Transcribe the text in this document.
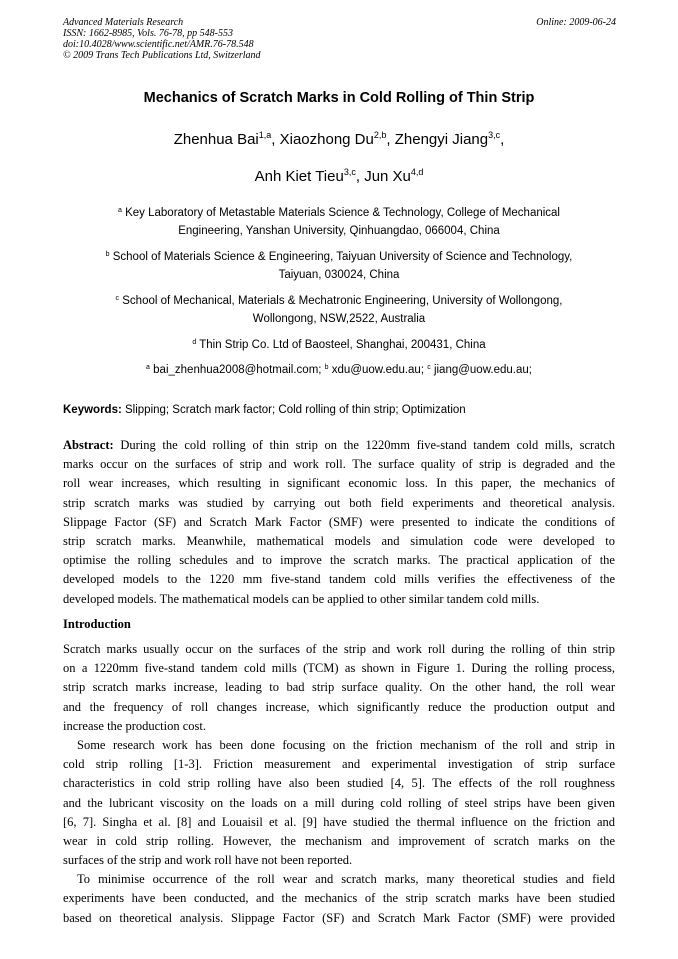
Advanced Materials Research
ISSN: 1662-8985, Vols. 76-78, pp 548-553
doi:10.4028/www.scientific.net/AMR.76-78.548
© 2009 Trans Tech Publications Ltd, Switzerland
Online: 2009-06-24
Mechanics of Scratch Marks in Cold Rolling of Thin Strip
Zhenhua Bai$^{1,a}$, Xiaozhong Du$^{2,b}$, Zhengyi Jiang$^{3,c}$,
Anh Kiet Tieu$^{3,c}$, Jun Xu$^{4,d}$
$^a$ Key Laboratory of Metastable Materials Science & Technology, College of Mechanical
Engineering, Yanshan University, Qinhuangdao, 066004, China
$^b$ School of Materials Science & Engineering, Taiyuan University of Science and Technology,
Taiyuan, 030024, China
$^c$ School of Mechanical, Materials & Mechatronic Engineering, University of Wollongong,
Wollongong, NSW,2522, Australia
$^d$ Thin Strip Co. Ltd of Baosteel, Shanghai, 200431, China
$^a$ bai_zhenhua2008@hotmail.com; $^b$ xdu@uow.edu.au; $^c$ jiang@uow.edu.au;
Keywords: Slipping; Scratch mark factor; Cold rolling of thin strip; Optimization
Abstract: During the cold rolling of thin strip on the 1220mm five-stand tandem cold mills, scratch
marks occur on the surfaces of strip and work roll. The surface quality of strip is degraded and the
roll wear increases, which resulting in significant economic loss. In this paper, the mechanics of
strip scratch marks was studied by carrying out both field experiments and theoretical analysis.
Slippage Factor (SF) and Scratch Mark Factor (SMF) were presented to indicate the conditions of
strip scratch marks. Meanwhile, mathematical models and simulation code were developed to
optimise the rolling schedules and to improve the scratch marks. The practical application of the
developed models to the 1220 mm five-stand tandem cold mills verifies the effectiveness of the
developed models. The mathematical models can be applied to other similar tandem cold mills.
Introduction
Scratch marks usually occur on the surfaces of the strip and work roll during the rolling of thin strip
on a 1220mm five-stand tandem cold mills (TCM) as shown in Figure 1. During the rolling process,
strip scratch marks increase, leading to bad strip surface quality. On the other hand, the roll wear
and the frequency of roll changes increase, which significantly reduce the production output and
increase the production cost.
Some research work has been done focusing on the friction mechanism of the roll and strip in
cold strip rolling [1-3]. Friction measurement and experimental investigation of strip surface
characteristics in cold strip rolling have also been studied [4, 5]. The effects of the roll roughness
and the lubricant viscosity on the loads on a mill during cold rolling of steel strips have been given
[6, 7]. Singha et al. [8] and Louaisil et al. [9] have studied the thermal influence on the friction and
wear in cold strip rolling. However, the mechanism and improvement of scratch marks on the
surfaces of the strip and work roll have not been reported.
To minimise occurrence of the roll wear and scratch marks, many theoretical studies and field
experiments have been conducted, and the mechanics of the strip scratch marks have been studied
based on theoretical analysis. Slippage Factor (SF) and Scratch Mark Factor (SMF) were provided
